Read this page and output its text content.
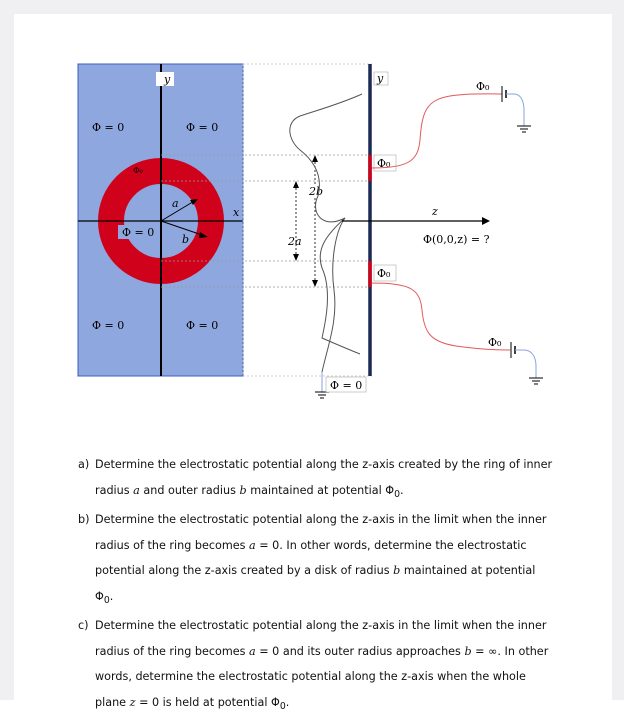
y
x
a
b
Φ₀
Φ = 0	Φ = 0
Φ = 0	Φ = 0
Φ = 0
2b
2a
y
z
Φ(0,0,z) = ?
Φ₀
Φ₀
Φ₀
Φ₀
Φ = 0
a) Determine the electrostatic potential along the z-axis created by the ring of inner radius a and outer radius b maintained at potential $\Phi_0$.
b) Determine the electrostatic potential along the z-axis in the limit when the inner radius of the ring becomes a = 0. In other words, determine the electrostatic potential along the z-axis created by a disk of radius b maintained at potential $\Phi_0$.
c) Determine the electrostatic potential along the z-axis in the limit when the inner radius of the ring becomes a = 0 and its outer radius approaches b = ∞. In other words, determine the electrostatic potential along the z-axis when the whole plane z = 0 is held at potential $\Phi_0$.
